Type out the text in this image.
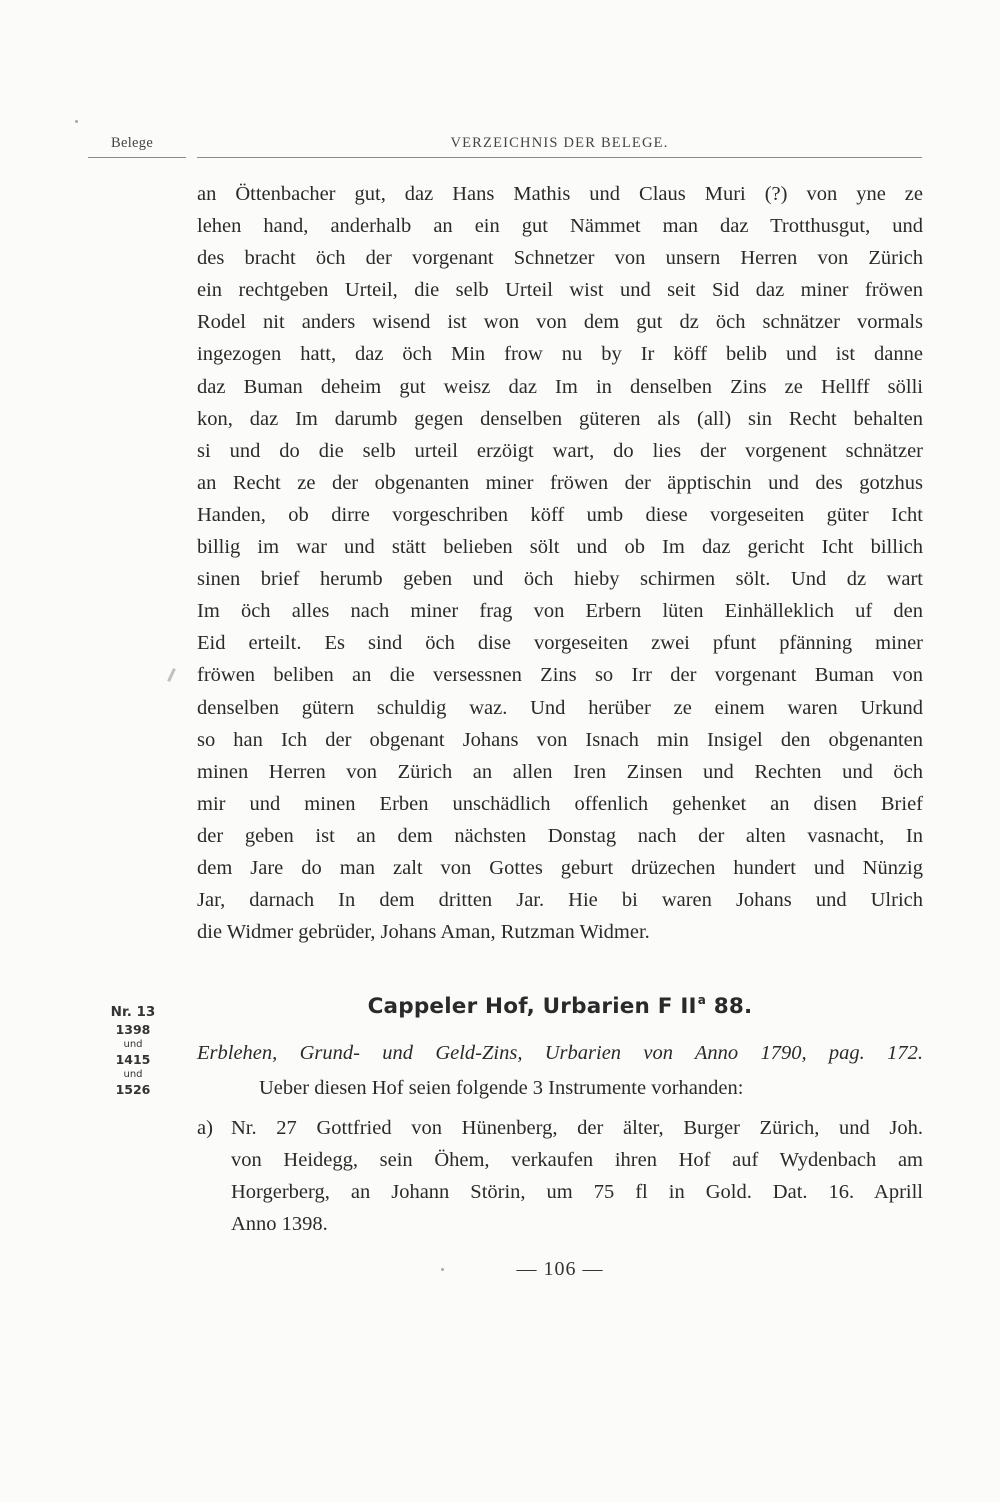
Belege	VERZEICHNIS DER BELEGE.
an Öttenbacher gut, daz Hans Mathis und Claus Muri (?) von yne ze
lehen hand, anderhalb an ein gut Nämmet man daz Trotthusgut, und
des bracht öch der vorgenant Schnetzer von unsern Herren von Zürich
ein rechtgeben Urteil, die selb Urteil wist und seit Sid daz miner fröwen
Rodel nit anders wisend ist won von dem gut dz öch schnätzer vormals
ingezogen hatt, daz öch Min frow nu by Ir köff belib und ist danne
daz Buman deheim gut weisz daz Im in denselben Zins ze Hellff sölli
kon, daz Im darumb gegen denselben güteren als (all) sin Recht behalten
si und do die selb urteil erzöigt wart, do lies der vorgenent schnätzer
an Recht ze der obgenanten miner fröwen der äpptischin und des gotzhus
Handen, ob dirre vorgeschriben köff umb diese vorgeseiten güter Icht
billig im war und stätt belieben sölt und ob Im daz gericht Icht billich
sinen brief herumb geben und öch hieby schirmen sölt. Und dz wart
Im öch alles nach miner frag von Erbern lüten Einhälleklich uf den
Eid erteilt. Es sind öch dise vorgeseiten zwei pfunt pfänning miner
fröwen beliben an die versessnen Zins so Irr der vorgenant Buman von
denselben gütern schuldig waz. Und herüber ze einem waren Urkund
so han Ich der obgenant Johans von Isnach min Insigel den obgenanten
minen Herren von Zürich an allen Iren Zinsen und Rechten und öch
mir und minen Erben unschädlich offenlich gehenket an disen Brief
der geben ist an dem nächsten Donstag nach der alten vasnacht, In
dem Jare do man zalt von Gottes geburt drüzechen hundert und Nünzig
Jar, darnach In dem dritten Jar. Hie bi waren Johans und Ulrich
die Widmer gebrüder, Johans Aman, Rutzman Widmer.
Nr. 13
1398
und
1415
und
1526
Cappeler Hof, Urbarien F $II^a$ 88.
Erblehen, Grund- und Geld-Zins, Urbarien von Anno 1790, pag. 172.
Ueber diesen Hof seien folgende 3 Instrumente vorhanden:
a) Nr. 27 Gottfried von Hünenberg, der älter, Burger Zürich, und Joh.
von Heidegg, sein Öhem, verkaufen ihren Hof auf Wydenbach am
Horgerberg, an Johann Störin, um 75 fl in Gold. Dat. 16. Aprill
Anno 1398.
— 106 —
